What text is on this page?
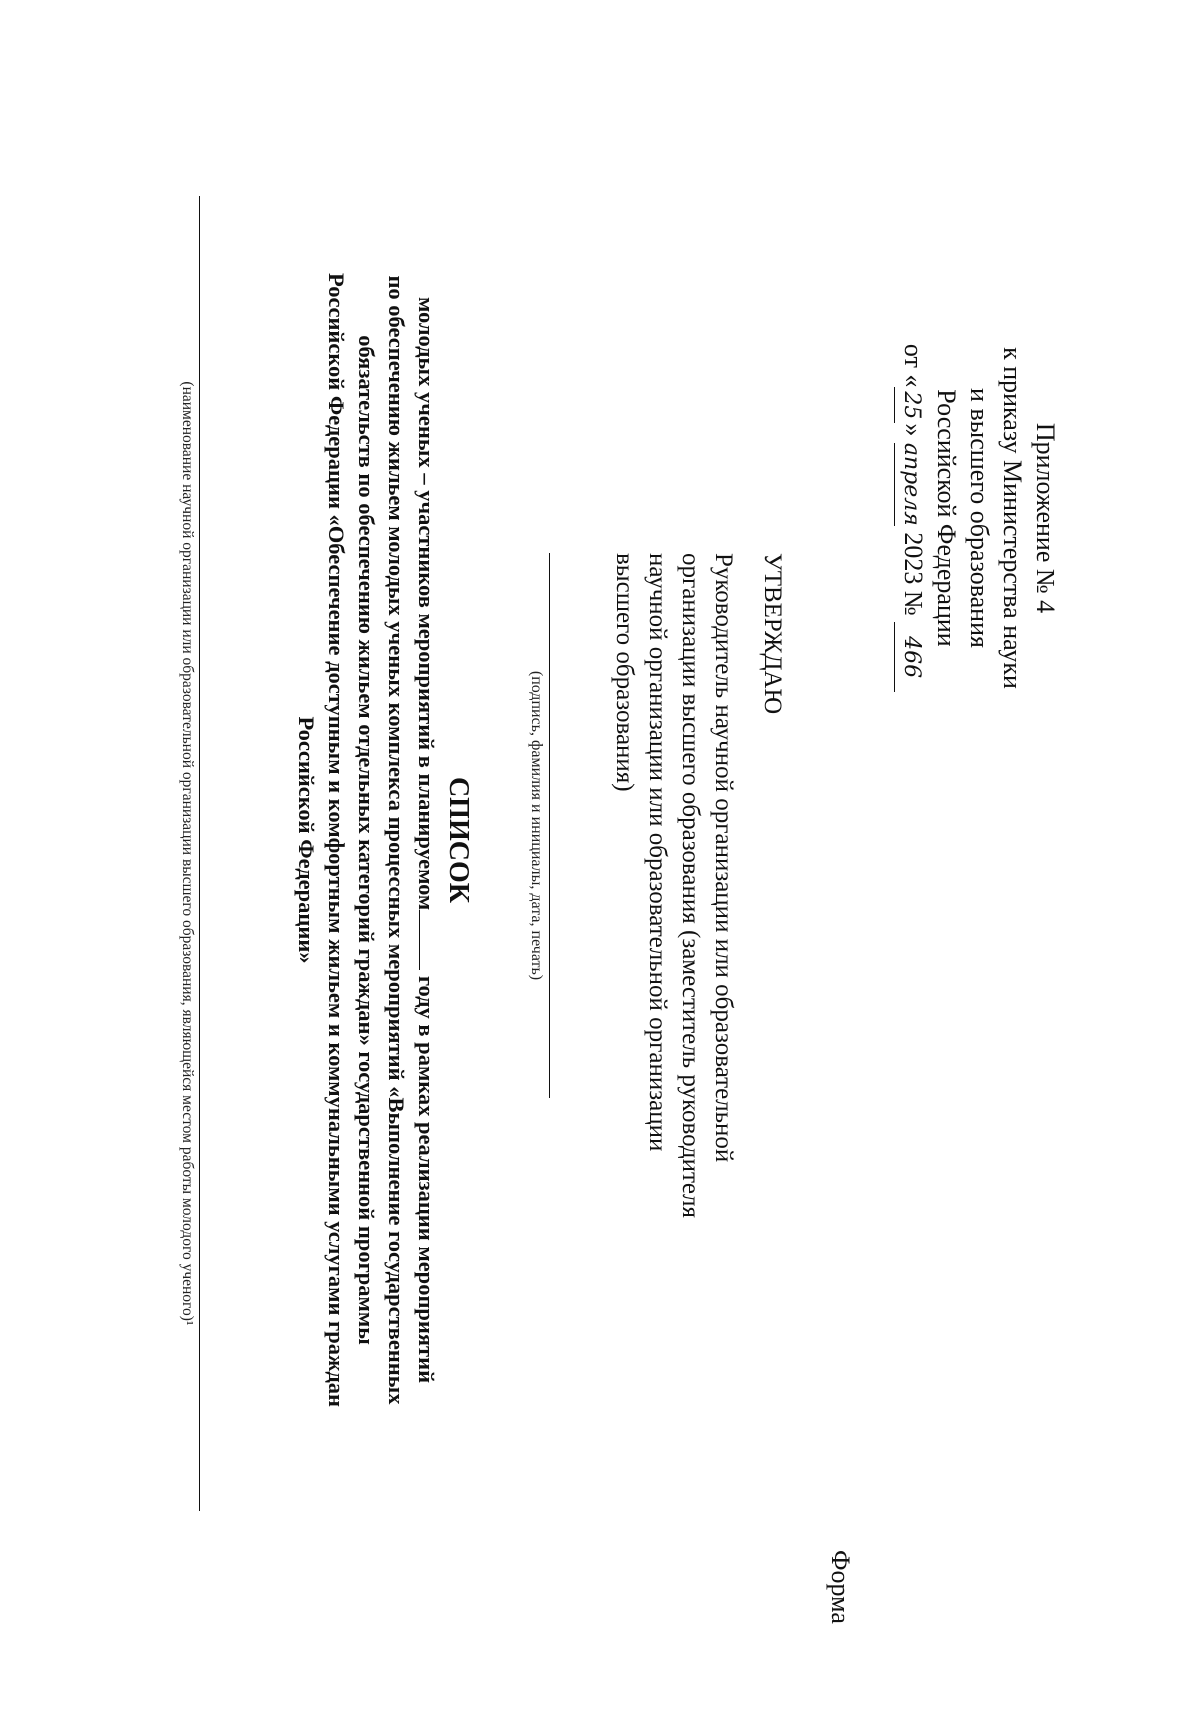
Приложение № 4
к приказу Министерства науки
и высшего образования
Российской Федерации
от «25» апреля 2023 № 466
Форма
УТВЕРЖДАЮ
Руководитель научной организации или образовательной организации высшего образования (заместитель руководителя научной организации или образовательной организации высшего образования)
(подпись, фамилия и инициалы, дата, печать)
СПИСОК
молодых ученых – участников мероприятий в планируемом году в рамках реализации мероприятий
по обеспечению жильем молодых ученых комплекса процессных мероприятий «Выполнение государственных
обязательств по обеспечению жильем отдельных категорий граждан» государственной программы
Российской Федерации «Обеспечение доступным и комфортным жильем и коммунальными услугами граждан
Российской Федерации»
(наименование научной организации или образовательной организации высшего образования, являющейся местом работы молодого ученого)¹
